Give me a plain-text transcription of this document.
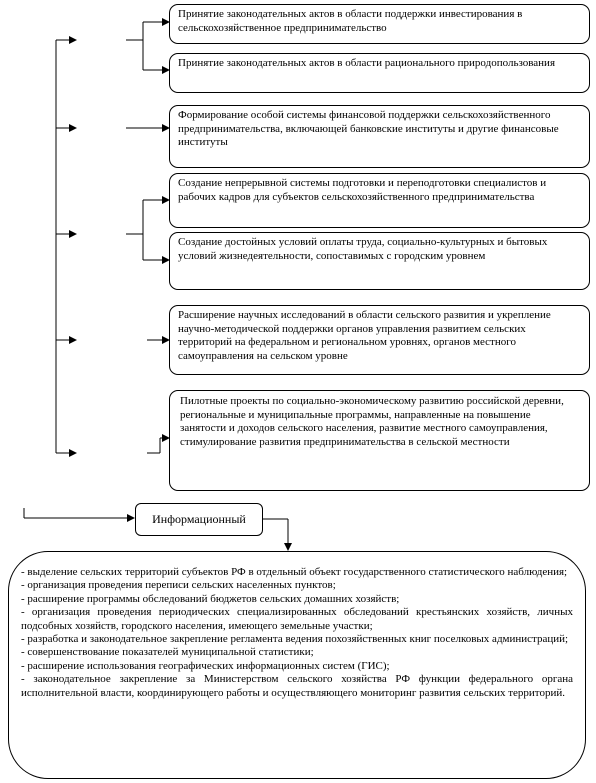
Принятие законодательных актов в области поддержки инвестирования в сельскохозяйственное предпринимательство
Принятие законодательных актов в области рационального природопользования
Формирование особой системы финансовой поддержки сельскохозяйственного предпринимательства, включающей банковские институты и другие финансовые институты
Создание непрерывной системы подготовки и переподготовки специалистов и рабочих кадров для субъектов сельскохозяйственного предпринимательства
Создание достойных условий оплаты труда, социально-культурных и бытовых условий жизнедеятельности, сопоставимых с городским уровнем
Расширение научных исследований в области сельского развития и укрепление научно-методической поддержки органов управления развитием сельских территорий на федеральном и региональном уровнях, органов местного самоуправления на сельском уровне
Пилотные проекты по социально-экономическому развитию российской деревни, региональные и муниципальные программы, направленные на повышение занятости и доходов сельского населения, развитие местного самоуправления, стимулирование развития предпринимательства в сельской местности
Информационный
- выделение сельских территорий субъектов РФ в отдельный объект государственного статистического наблюдения;
- организация проведения переписи сельских населенных пунктов;
- расширение программы обследований бюджетов сельских домашних хозяйств;
- организация проведения периодических специализированных обследований крестьянских хозяйств, личных подсобных хозяйств, городского населения, имеющего земельные участки;
- разработка и законодательное закрепление регламента ведения похозяйственных книг поселковых администраций;
- совершенствование показателей муниципальной статистики;
- расширение использования географических информационных систем (ГИС);
- законодательное закрепление за Министерством сельского хозяйства РФ функции федерального органа исполнительной власти, координирующего работы и осуществляющего мониторинг развития сельских территорий.
